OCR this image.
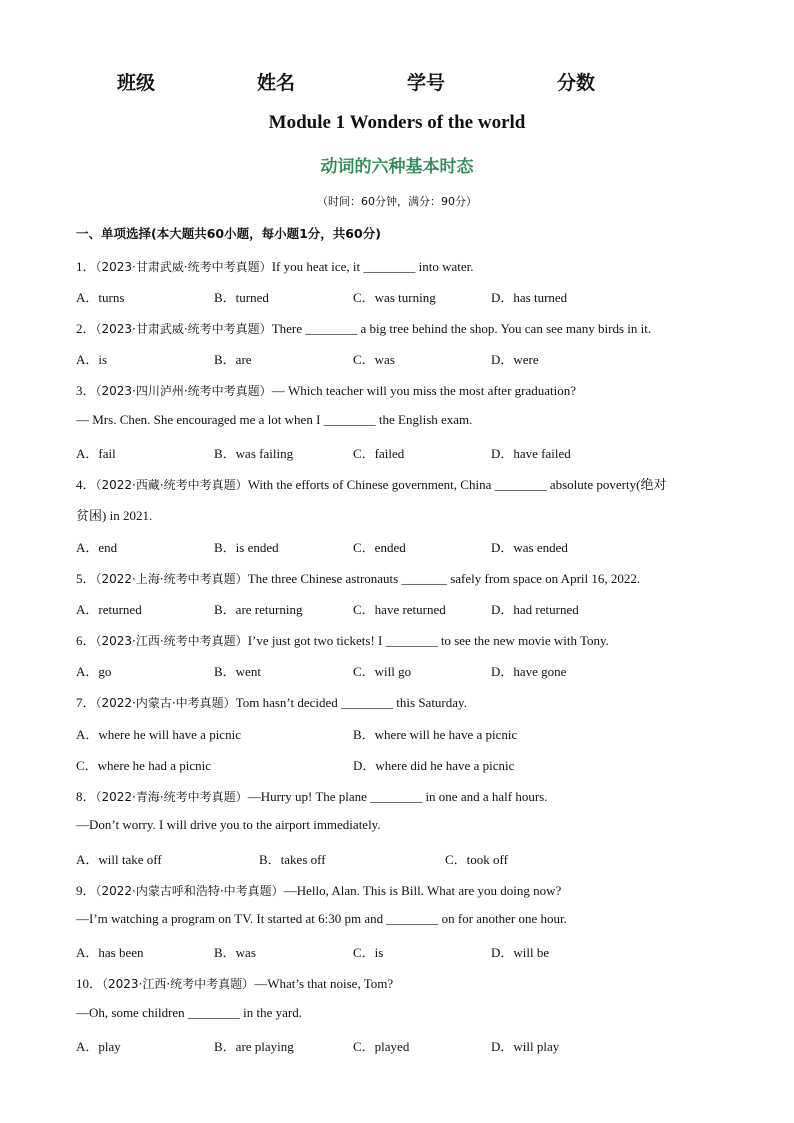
班级	姓名	学号	分数
Module 1 Wonders of the world
动词的六种基本时态
（时间：60分钟，满分：90分）
一、单项选择(本大题共60小题，每小题1分，共60分)
1．（2023·甘肃武威·统考中考真题）If you heat ice, it ________ into water.
A．turns	B．turned	C．was turning	D．has turned
2．（2023·甘肃武威·统考中考真题）There ________ a big tree behind the shop. You can see many birds in it.
A．is	B．are	C．was	D．were
3．（2023·四川泸州·统考中考真题）— Which teacher will you miss the most after graduation?
— Mrs. Chen. She encouraged me a lot when I ________ the English exam.
A．fail	B．was failing	C．failed	D．have failed
4．（2022·西藏·统考中考真题）With the efforts of Chinese government, China ________ absolute poverty(绝对
贫困) in 2021.
A．end	B．is ended	C．ended	D．was ended
5．（2022·上海·统考中考真题）The three Chinese astronauts _______ safely from space on April 16, 2022.
A．returned	B．are returning	C．have returned	D．had returned
6．（2023·江西·统考中考真题）I’ve just got two tickets! I ________ to see the new movie with Tony.
A．go	B．went	C．will go	D．have gone
7．（2022·内蒙古·中考真题）Tom hasn’t decided ________ this Saturday.
A．where he will have a picnic	B．where will he have a picnic
C．where he had a picnic	D．where did he have a picnic
8．（2022·青海·统考中考真题）—Hurry up! The plane ________ in one and a half hours.
—Don’t worry. I will drive you to the airport immediately.
A．will take off	B．takes off	C．took off
9．（2022·内蒙古呼和浩特·中考真题）—Hello, Alan. This is Bill. What are you doing now?
—I’m watching a program on TV. It started at 6:30 pm and ________ on for another one hour.
A．has been	B．was	C．is	D．will be
10．（2023·江西·统考中考真题）—What’s that noise, Tom?
—Oh, some children ________ in the yard.
A．play	B．are playing	C．played	D．will play
